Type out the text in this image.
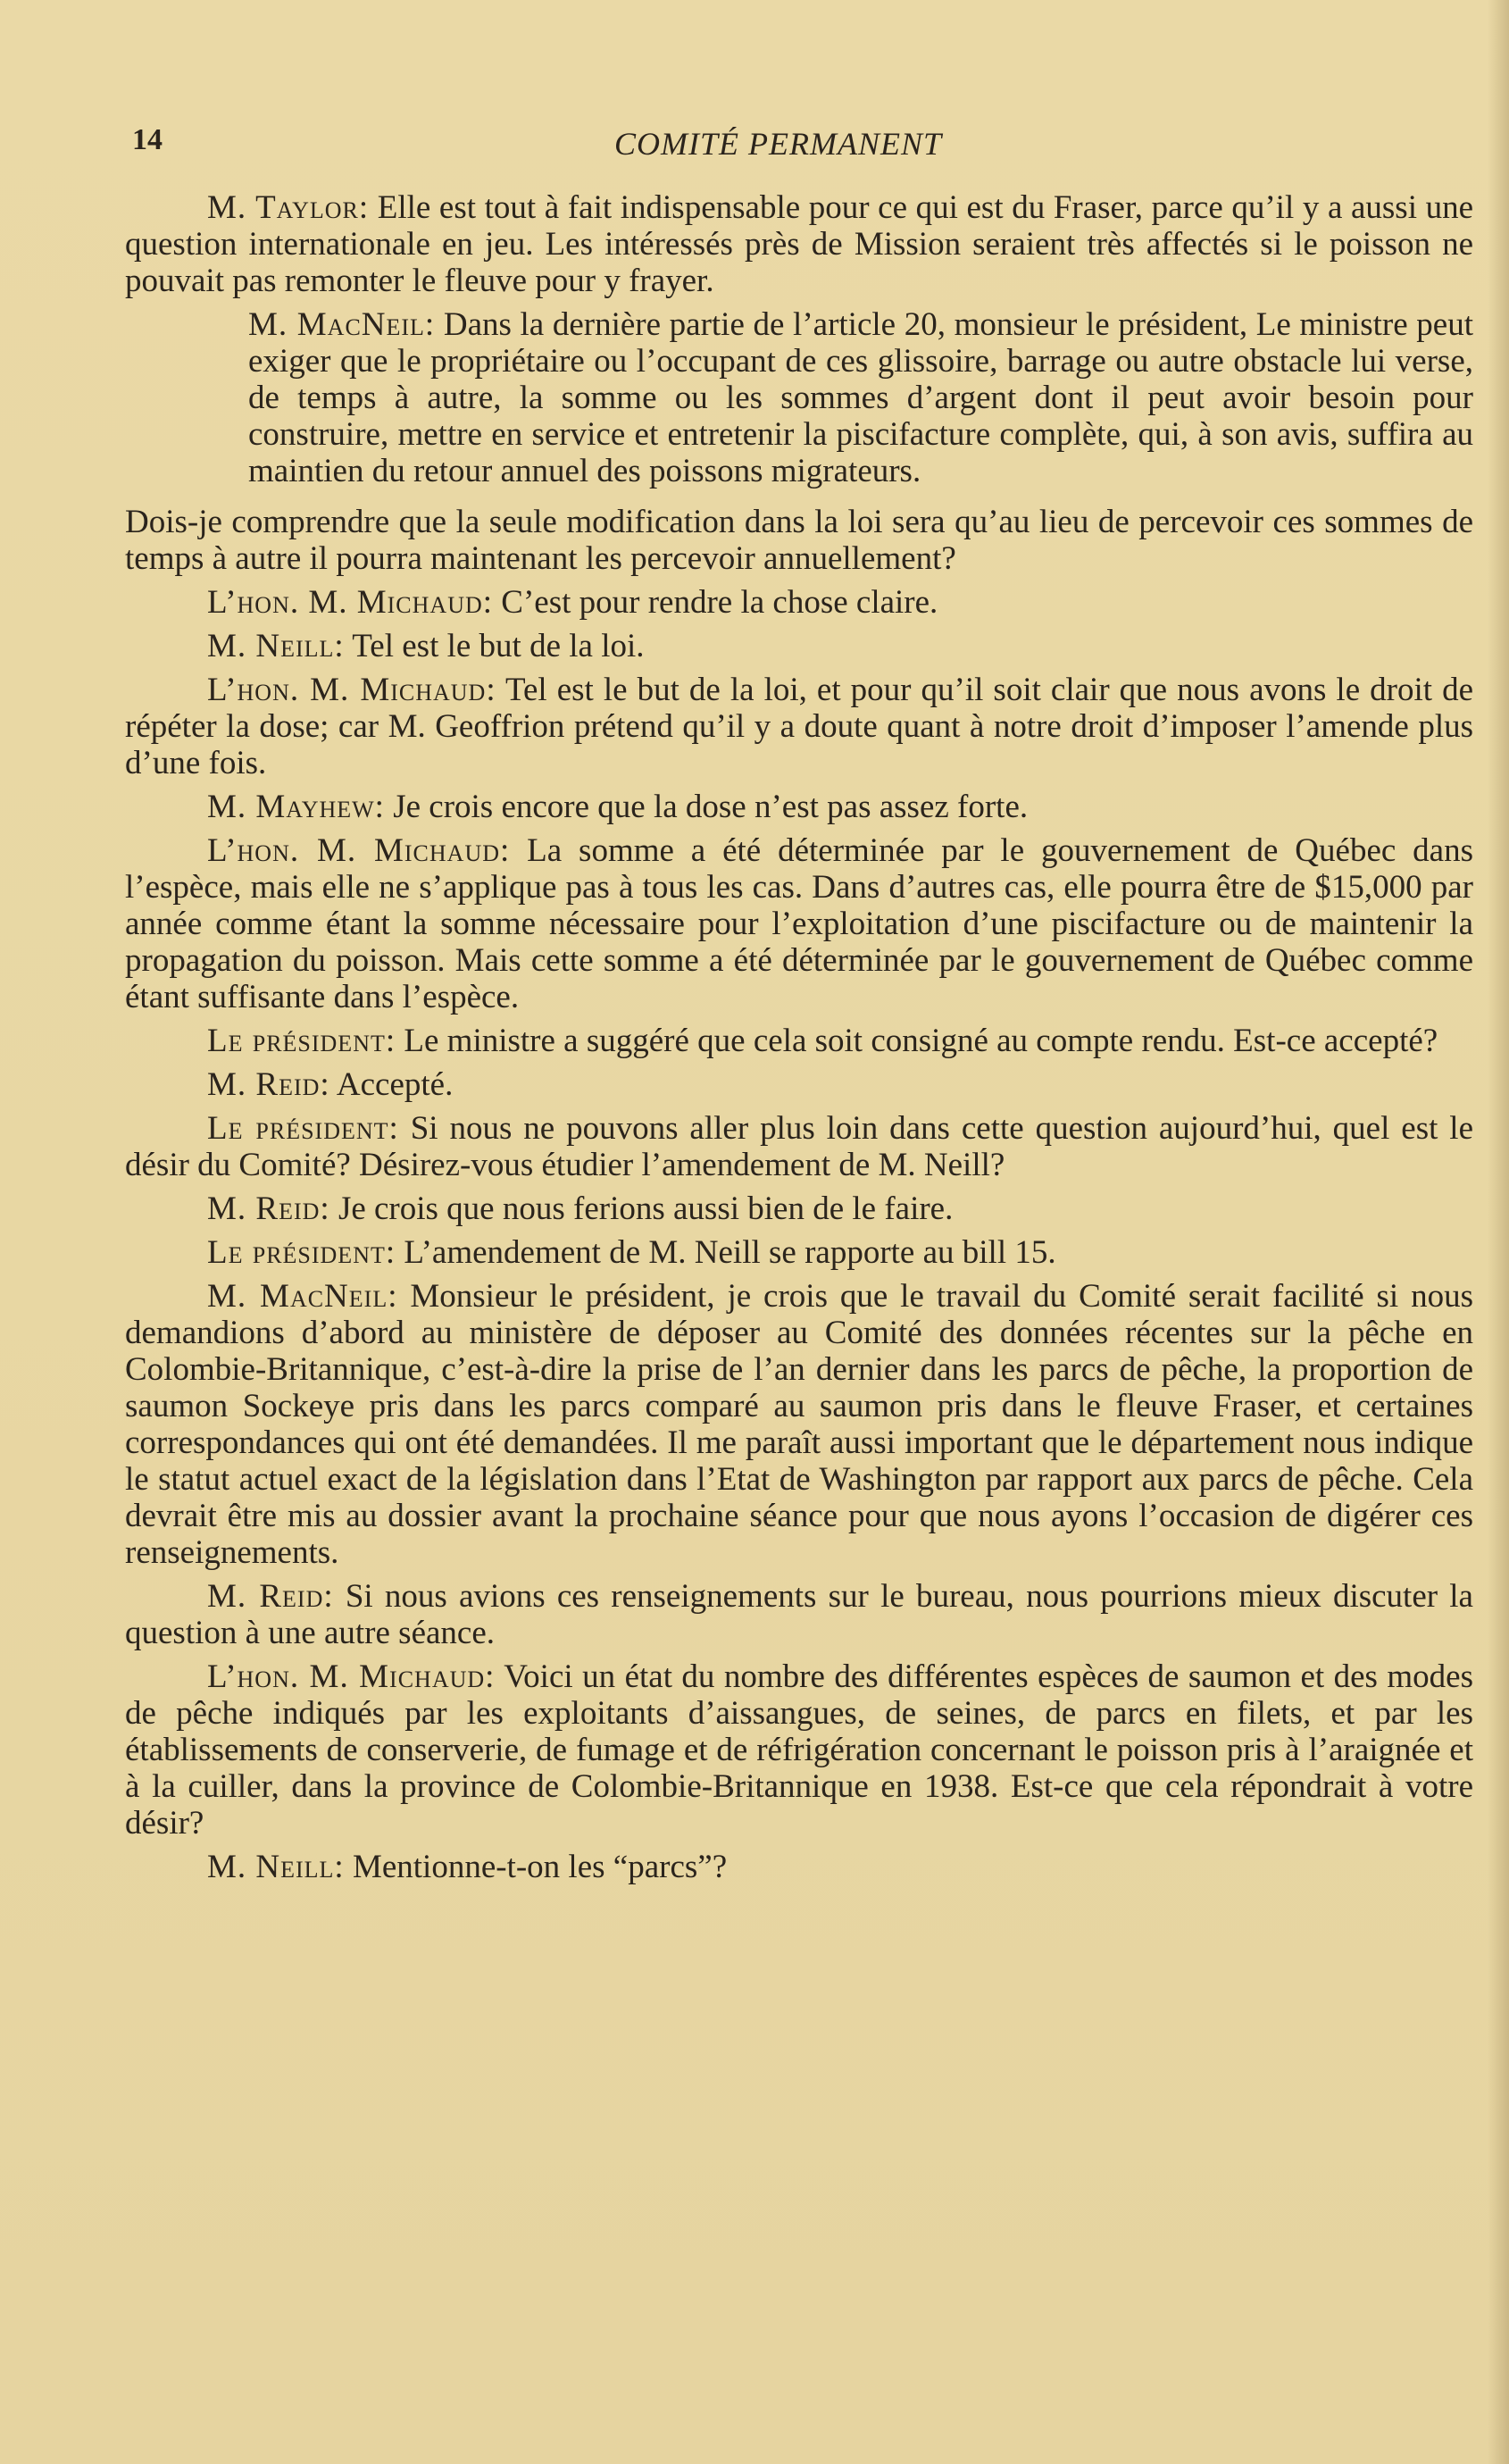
14	COMITÉ PERMANENT

M. Taylor: Elle est tout à fait indispensable pour ce qui est du Fraser, parce qu’il y a aussi une question internationale en jeu. Les intéressés près de Mission seraient très affectés si le poisson ne pouvait pas remonter le fleuve pour y frayer.

M. MacNeil: Dans la dernière partie de l’article 20, monsieur le président, Le ministre peut exiger que le propriétaire ou l’occupant de ces glissoire, barrage ou autre obstacle lui verse, de temps à autre, la somme ou les sommes d’argent dont il peut avoir besoin pour construire, mettre en service et entretenir la piscifacture complète, qui, à son avis, suffira au maintien du retour annuel des poissons migrateurs.

Dois-je comprendre que la seule modification dans la loi sera qu’au lieu de percevoir ces sommes de temps à autre il pourra maintenant les percevoir annuellement?

L’hon. M. Michaud: C’est pour rendre la chose claire.

M. Neill: Tel est le but de la loi.

L’hon. M. Michaud: Tel est le but de la loi, et pour qu’il soit clair que nous avons le droit de répéter la dose; car M. Geoffrion prétend qu’il y a doute quant à notre droit d’imposer l’amende plus d’une fois.

M. Mayhew: Je crois encore que la dose n’est pas assez forte.

L’hon. M. Michaud: La somme a été déterminée par le gouvernement de Québec dans l’espèce, mais elle ne s’applique pas à tous les cas. Dans d’autres cas, elle pourra être de $15,000 par année comme étant la somme nécessaire pour l’exploitation d’une piscifacture ou de maintenir la propagation du poisson. Mais cette somme a été déterminée par le gouvernement de Québec comme étant suffisante dans l’espèce.

Le président: Le ministre a suggéré que cela soit consigné au compte rendu. Est-ce accepté?

M. Reid: Accepté.

Le président: Si nous ne pouvons aller plus loin dans cette question aujourd’hui, quel est le désir du Comité? Désirez-vous étudier l’amendement de M. Neill?

M. Reid: Je crois que nous ferions aussi bien de le faire.

Le président: L’amendement de M. Neill se rapporte au bill 15.

M. MacNeil: Monsieur le président, je crois que le travail du Comité serait facilité si nous demandions d’abord au ministère de déposer au Comité des données récentes sur la pêche en Colombie-Britannique, c’est-à-dire la prise de l’an dernier dans les parcs de pêche, la proportion de saumon Sockeye pris dans les parcs comparé au saumon pris dans le fleuve Fraser, et certaines correspondances qui ont été demandées. Il me paraît aussi important que le département nous indique le statut actuel exact de la législation dans l’Etat de Washington par rapport aux parcs de pêche. Cela devrait être mis au dossier avant la prochaine séance pour que nous ayons l’occasion de digérer ces renseignements.

M. Reid: Si nous avions ces renseignements sur le bureau, nous pourrions mieux discuter la question à une autre séance.

L’hon. M. Michaud: Voici un état du nombre des différentes espèces de saumon et des modes de pêche indiqués par les exploitants d’aissangues, de seines, de parcs en filets, et par les établissements de conserverie, de fumage et de réfrigération concernant le poisson pris à l’araignée et à la cuiller, dans la province de Colombie-Britannique en 1938. Est-ce que cela répondrait à votre désir?

M. Neill: Mentionne-t-on les “parcs”?
